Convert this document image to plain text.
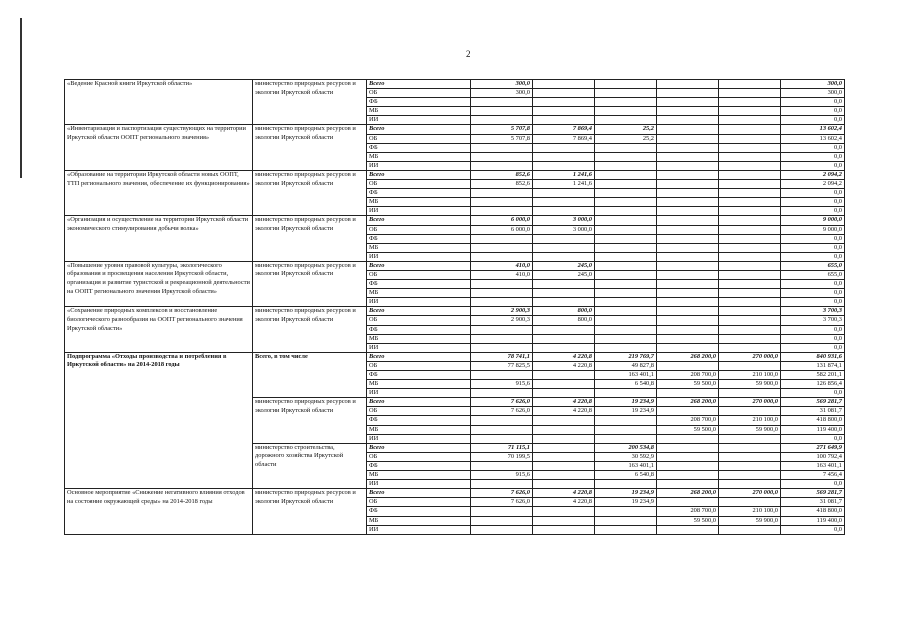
2
«Ведение Красной книги Иркутской области»	министерство природных ресурсов и экологии Иркутской области	Всего	300,0					300,0
		ОБ	300,0					300,0
		ФБ						0,0
		МБ						0,0
		ИИ						0,0
«Инвентаризация и паспортизация существующих на территории Иркутской области ООПТ регионального значения»	министерство природных ресурсов и экологии Иркутской области	Всего	5 707,8	7 869,4	25,2			13 602,4
		ОБ	5 707,8	7 869,4	25,2			13 602,4
		ФБ						0,0
		МБ						0,0
		ИИ						0,0
«Образование на территории Иркутской области новых ООПТ, ТТП регионального значения, обеспечение их функционирования»	министерство природных ресурсов и экологии Иркутской области	Всего	852,6	1 241,6				2 094,2
		ОБ	852,6	1 241,6				2 094,2
		ФБ						0,0
		МБ						0,0
		ИИ						0,0
«Организация и осуществление на территории Иркутской области экономического стимулирования добычи волка»	министерство природных ресурсов и экологии Иркутской области	Всего	6 000,0	3 000,0				9 000,0
		ОБ	6 000,0	3 000,0				9 000,0
		ФБ						0,0
		МБ						0,0
		ИИ						0,0
«Повышение уровня правовой культуры, экологического образования и просвещения населения Иркутской области, организация и развитие туристской и рекреационной деятельности на ООПТ регионального значения Иркутской области»	министерство природных ресурсов и экологии Иркутской области	Всего	410,0	245,0				655,0
		ОБ	410,0	245,0				655,0
		ФБ						0,0
		МБ						0,0
		ИИ						0,0
«Сохранение природных комплексов и восстановление биологического разнообразия на ООПТ регионального значения Иркутской области»	министерство природных ресурсов и экологии Иркутской области	Всего	2 900,3	800,0				3 700,3
		ОБ	2 900,3	800,0				3 700,3
		ФБ						0,0
		МБ						0,0
		ИИ						0,0
Подпрограмма «Отходы производства и потребления в Иркутской области» на 2014-2018 годы	Всего, в том числе	Всего	78 741,1	4 220,8	219 769,7	268 200,0	270 000,0	840 931,6
		ОБ	77 825,5	4 220,8	49 827,8			131 874,1
		ФБ			163 401,1	208 700,0	210 100,0	582 201,1
		МБ	915,6		6 540,8	59 500,0	59 900,0	126 856,4
		ИИ						0,0
	министерство природных ресурсов и экологии Иркутской области	Всего	7 626,0	4 220,8	19 234,9	268 200,0	270 000,0	569 281,7
		ОБ	7 626,0	4 220,8	19 234,9			31 081,7
		ФБ				208 700,0	210 100,0	418 800,0
		МБ				59 500,0	59 900,0	119 400,0
		ИИ						0,0
	министерство строительства, дорожного хозяйства Иркутской области	Всего	71 115,1		200 534,8			271 649,9
		ОБ	70 199,5		30 592,9			100 792,4
		ФБ			163 401,1			163 401,1
		МБ	915,6		6 540,8			7 456,4
		ИИ						0,0
Основное мероприятие «Снижение негативного влияния отходов на состояние окружающей среды» на 2014-2018 годы	министерство природных ресурсов и экологии Иркутской области	Всего	7 626,0	4 220,8	19 234,9	268 200,0	270 000,0	569 281,7
		ОБ	7 626,0	4 220,8	19 234,9			31 081,7
		ФБ				208 700,0	210 100,0	418 800,0
		МБ				59 500,0	59 900,0	119 400,0
		ИИ						0,0
